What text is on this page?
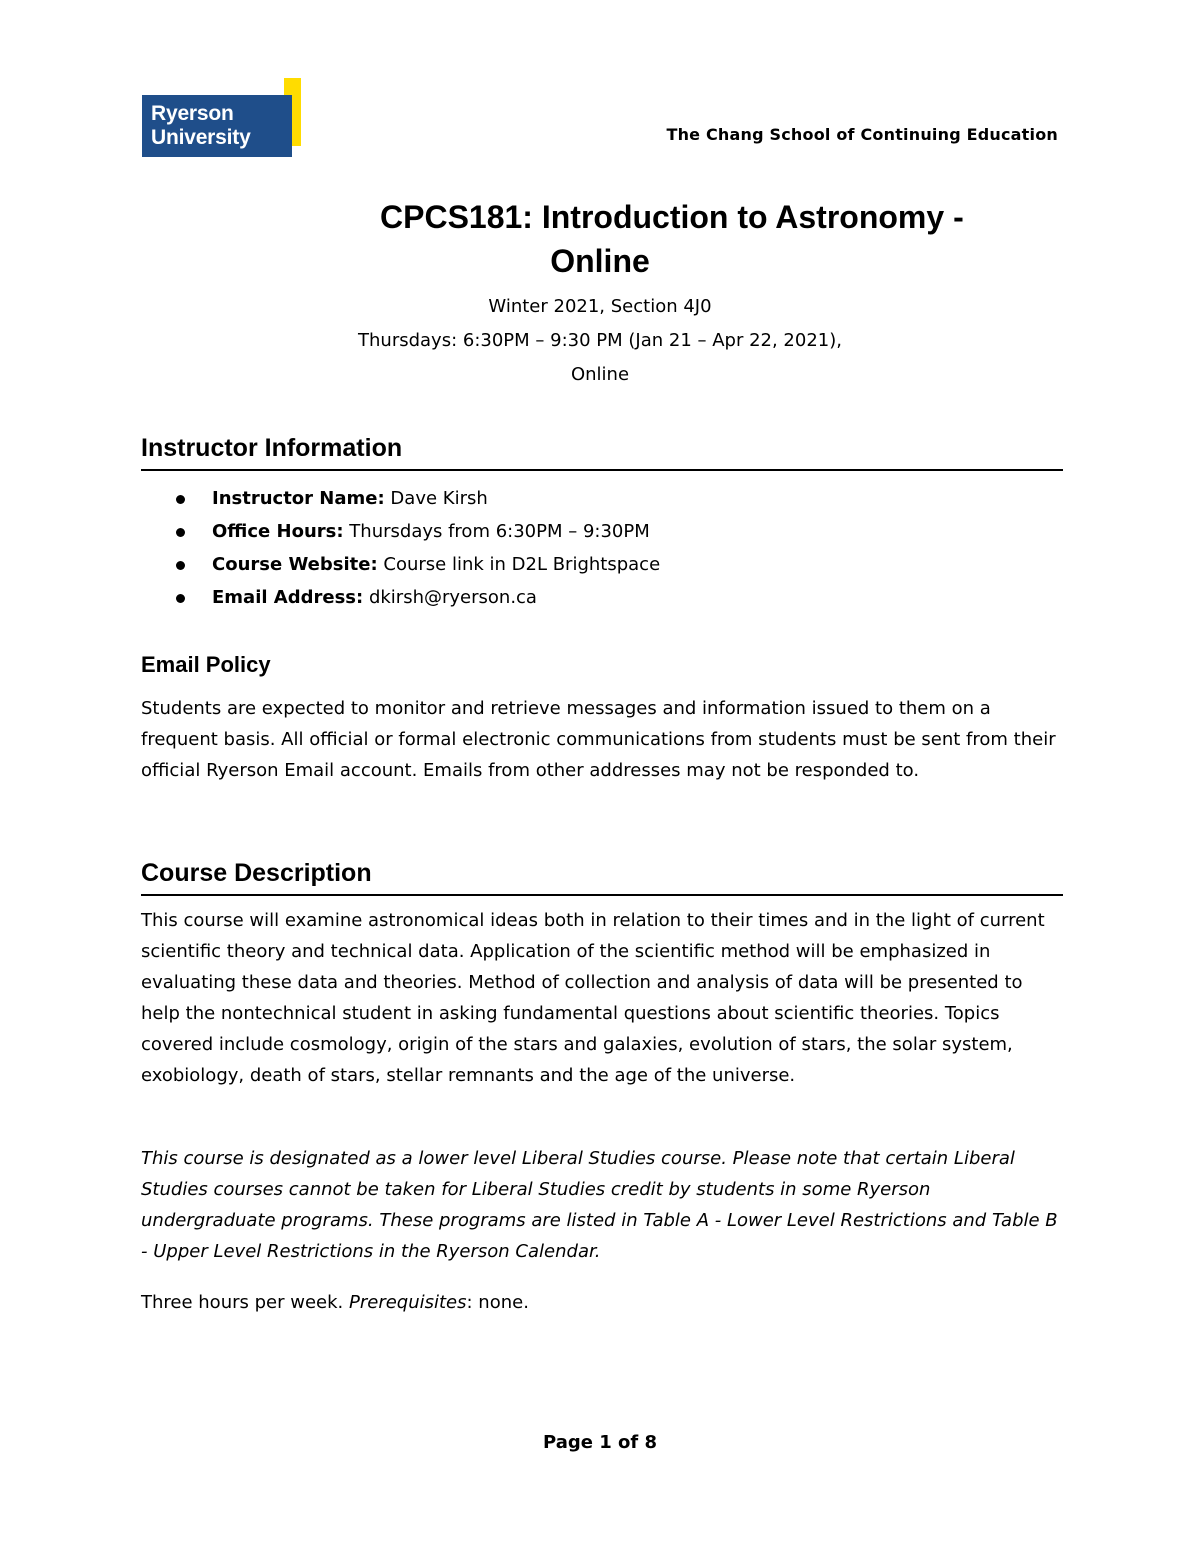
Ryerson
University	The Chang School of Continuing Education
CPCS181: Introduction to Astronomy -
Online
Winter 2021, Section 4J0
Thursdays: 6:30PM – 9:30 PM (Jan 21 – Apr 22, 2021),
Online
Instructor Information
Instructor Name: Dave Kirsh
Office Hours: Thursdays from 6:30PM – 9:30PM
Course Website: Course link in D2L Brightspace
Email Address: dkirsh@ryerson.ca
Email Policy
Students are expected to monitor and retrieve messages and information issued to them on a frequent basis. All official or formal electronic communications from students must be sent from their official Ryerson Email account. Emails from other addresses may not be responded to.
Course Description
This course will examine astronomical ideas both in relation to their times and in the light of current scientific theory and technical data. Application of the scientific method will be emphasized in evaluating these data and theories. Method of collection and analysis of data will be presented to help the nontechnical student in asking fundamental questions about scientific theories. Topics covered include cosmology, origin of the stars and galaxies, evolution of stars, the solar system, exobiology, death of stars, stellar remnants and the age of the universe.
This course is designated as a lower level Liberal Studies course. Please note that certain Liberal Studies courses cannot be taken for Liberal Studies credit by students in some Ryerson undergraduate programs. These programs are listed in Table A - Lower Level Restrictions and Table B - Upper Level Restrictions in the Ryerson Calendar.
Three hours per week. Prerequisites: none.
Page 1 of 8
